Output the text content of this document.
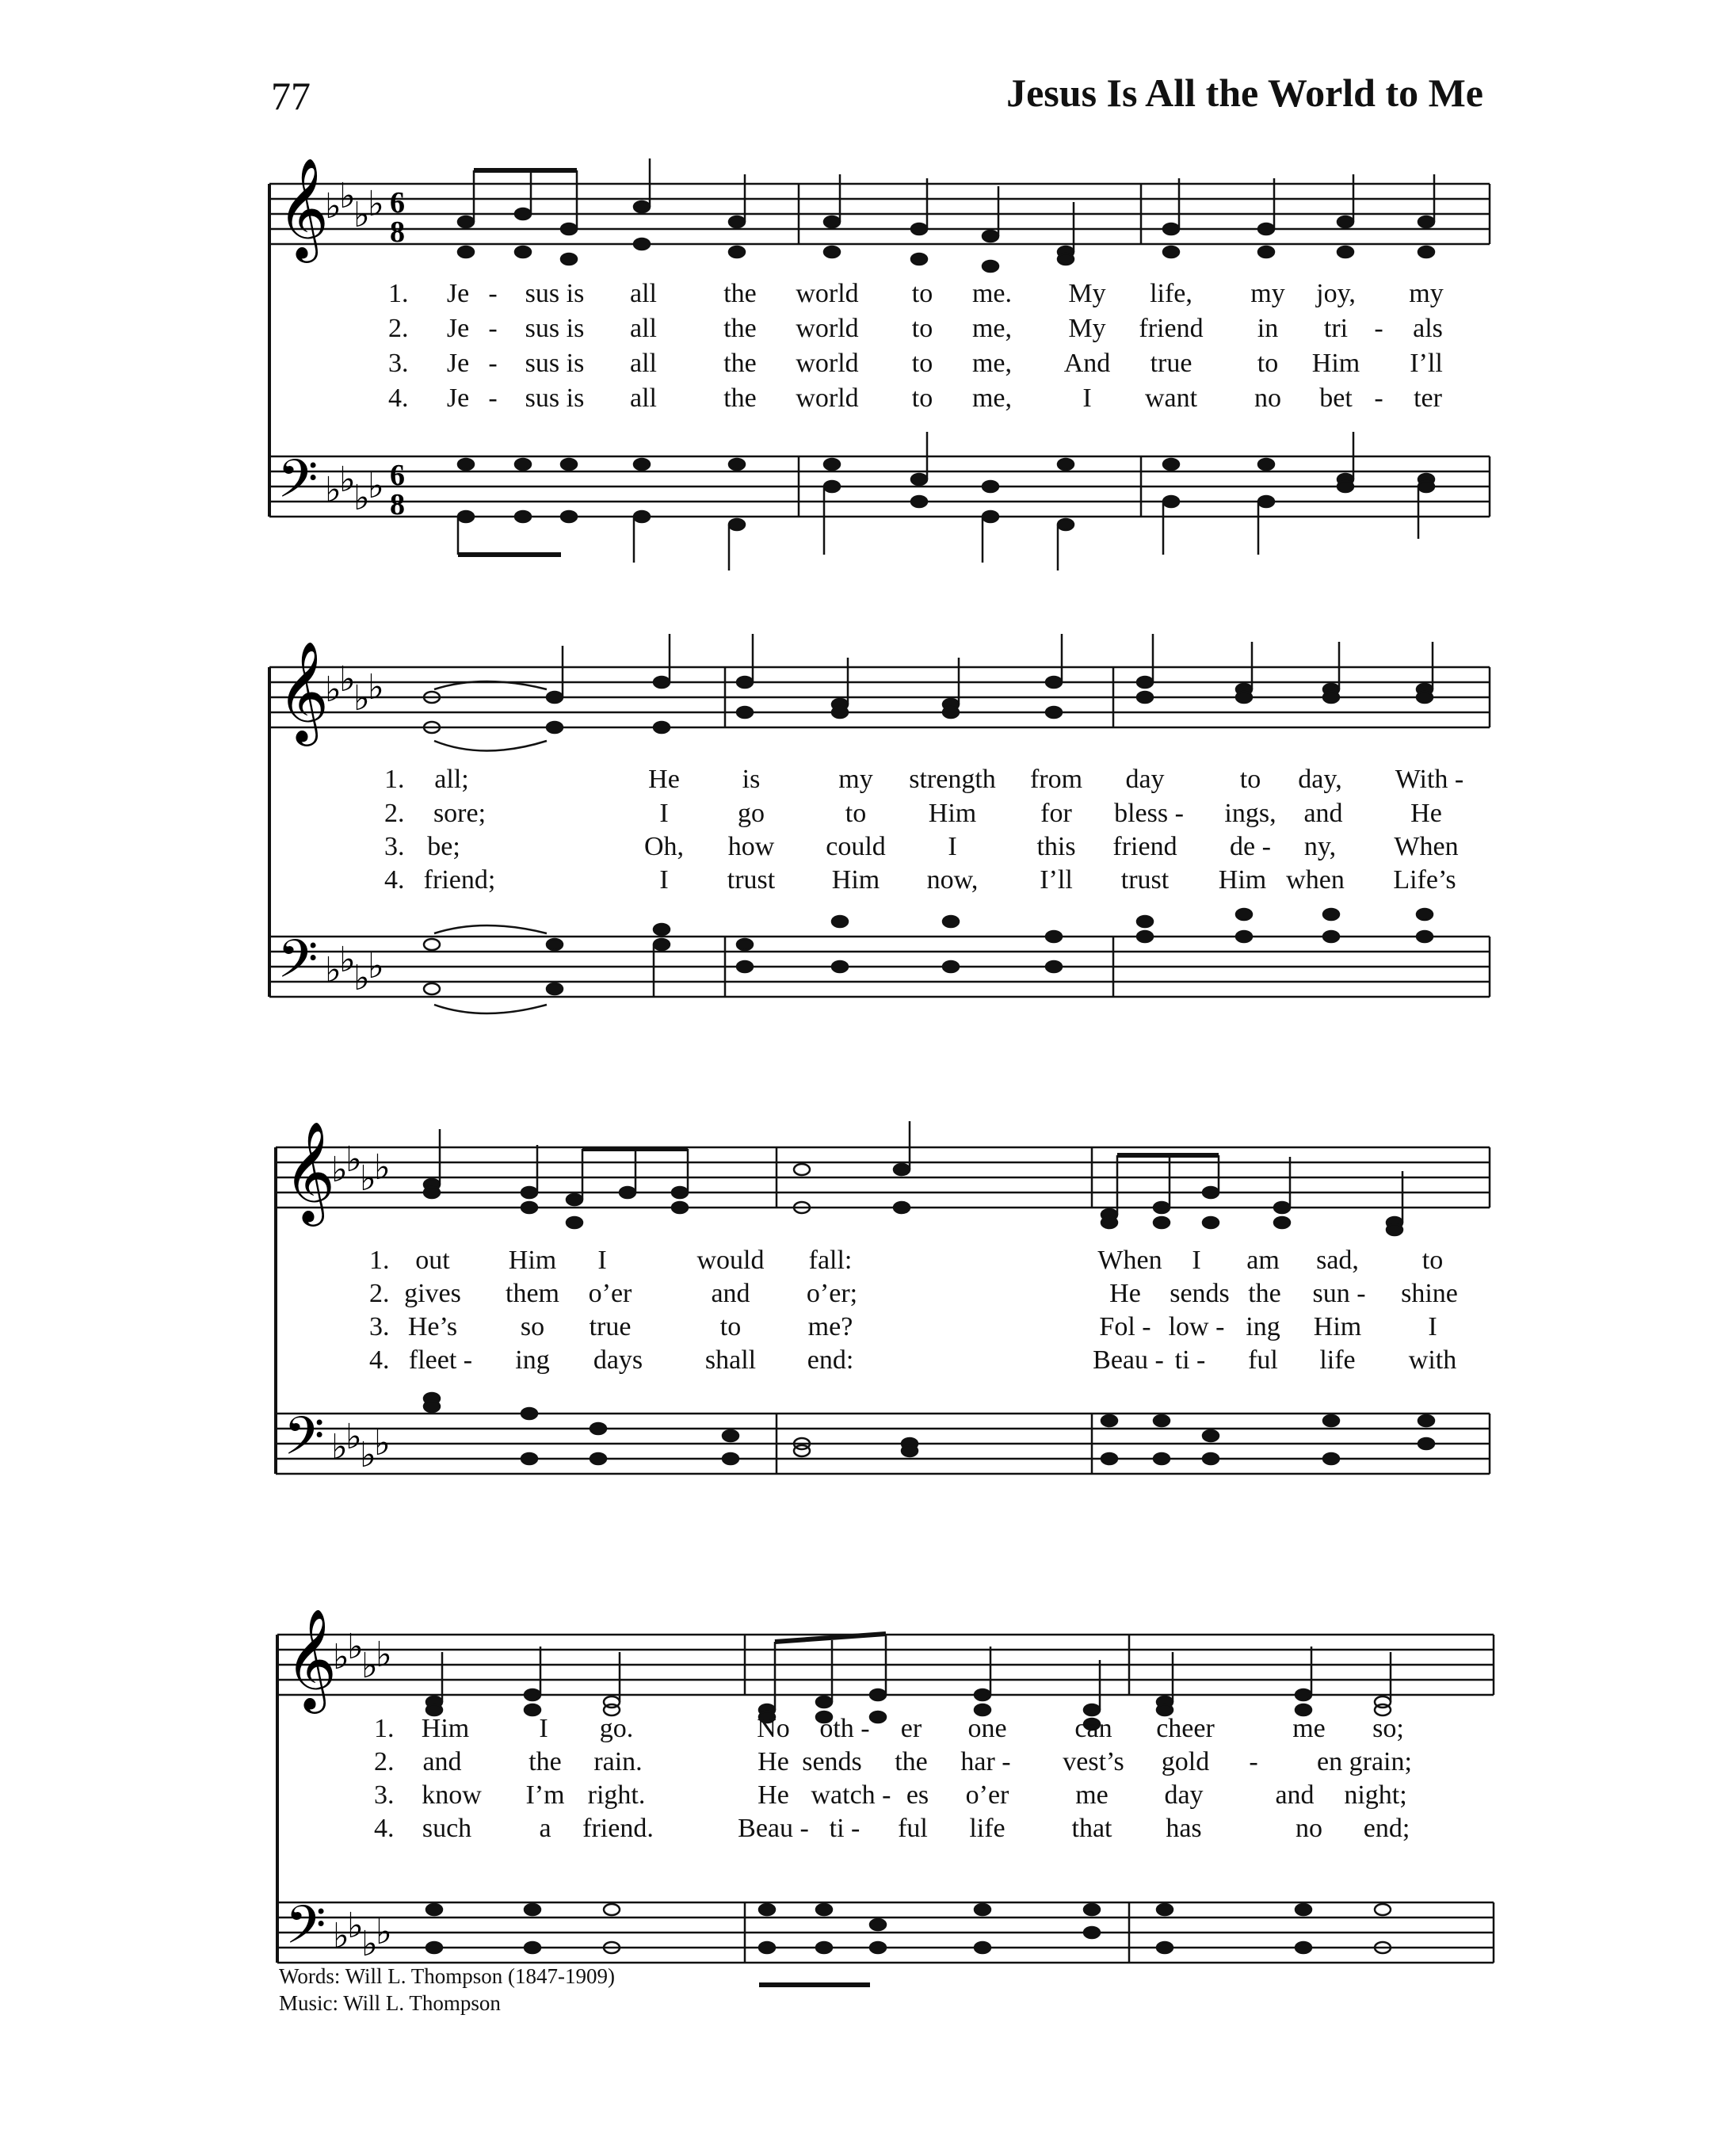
77	Jesus Is All the World to Me
𝄞
𝄢
♭
♭
♭
♭
♭
♭
♭
♭
6
8
6
8
1. Je - sus is all the world to me. My life, my joy, my
2. Je - sus is all the world to me, My friend in tri - als
3. Je - sus is all the world to me, And true to Him I’ll
4. Je - sus is all the world to me,	I want no bet - ter
𝄞
𝄢
♭
♭
♭
♭
♭
♭
♭
♭
1. all;	He is	my strength from day	to day, With -
2. sore;	I	go	to Him for bless - ings, and	He
3. be;	Oh, how could I	this friend de - ny, When
4. friend;	I trust Him now, I’ll trust Him when Life’s
𝄞
𝄢
♭
♭
♭
♭
♭
♭
♭
♭
1. out Him I	would fall:	When I am sad, to
2. gives them o’er	and o’er;	He sends the sun - shine
3. He’s so true	to me?	Fol - low - ing Him I
4. fleet - ing days shall end:	Beau - ti - ful life with
𝄞
𝄢
♭
♭
♭
♭
♭
♭
♭
♭
1. Him	I go.	No oth - er one	can cheer	me so;
2. and the rain.	He sends the har - vest’s gold - en grain;
3. know I’m right.	He watch - es o’er me day	and night;
4. such	a friend.	Beau - ti - ful life that has	no end;
Words: Will L. Thompson (1847-1909)
Music: Will L. Thompson
